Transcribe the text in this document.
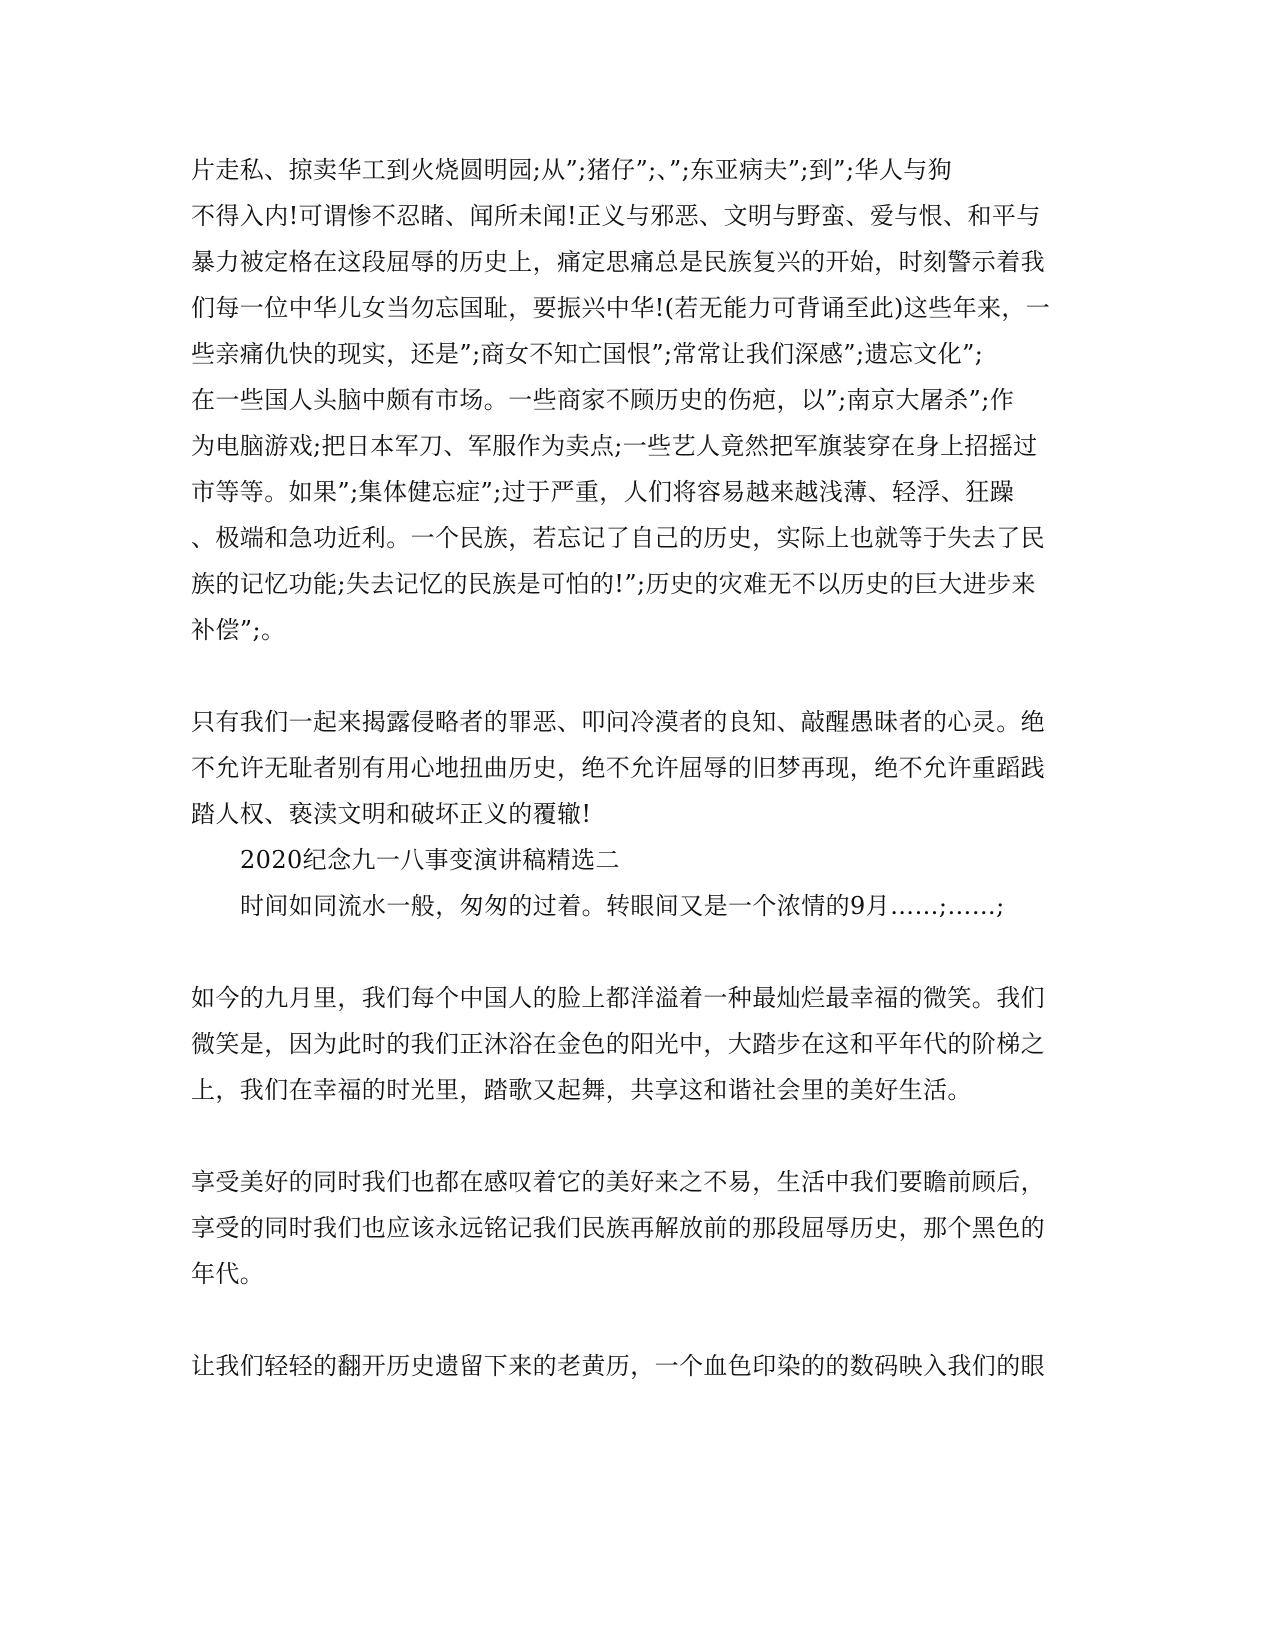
片走私、掠卖华工到火烧圆明园;从”;猪仔”;、”;东亚病夫”;到”;华人与狗
不得入内!可谓惨不忍睹、闻所未闻!正义与邪恶、文明与野蛮、爱与恨、和平与
暴力被定格在这段屈辱的历史上，痛定思痛总是民族复兴的开始，时刻警示着我
们每一位中华儿女当勿忘国耻，要振兴中华!(若无能力可背诵至此)这些年来，一
些亲痛仇快的现实，还是”;商女不知亡国恨”;常常让我们深感”;遗忘文化”;
在一些国人头脑中颇有市场。一些商家不顾历史的伤疤，以”;南京大屠杀”;作
为电脑游戏;把日本军刀、军服作为卖点;一些艺人竟然把军旗装穿在身上招摇过
市等等。如果”;集体健忘症”;过于严重，人们将容易越来越浅薄、轻浮、狂躁
、极端和急功近利。一个民族，若忘记了自己的历史，实际上也就等于失去了民
族的记忆功能;失去记忆的民族是可怕的!”;历史的灾难无不以历史的巨大进步来
补偿”;。
只有我们一起来揭露侵略者的罪恶、叩问冷漠者的良知、敲醒愚昧者的心灵。绝
不允许无耻者别有用心地扭曲历史，绝不允许屈辱的旧梦再现，绝不允许重蹈践
踏人权、亵渎文明和破坏正义的覆辙!
2020纪念九一八事变演讲稿精选二
时间如同流水一般，匆匆的过着。转眼间又是一个浓情的9月……;……;
如今的九月里，我们每个中国人的脸上都洋溢着一种最灿烂最幸福的微笑。我们
微笑是，因为此时的我们正沐浴在金色的阳光中，大踏步在这和平年代的阶梯之
上，我们在幸福的时光里，踏歌又起舞，共享这和谐社会里的美好生活。
享受美好的同时我们也都在感叹着它的美好来之不易，生活中我们要瞻前顾后，
享受的同时我们也应该永远铭记我们民族再解放前的那段屈辱历史，那个黑色的
年代。
让我们轻轻的翻开历史遗留下来的老黄历，一个血色印染的的数码映入我们的眼
